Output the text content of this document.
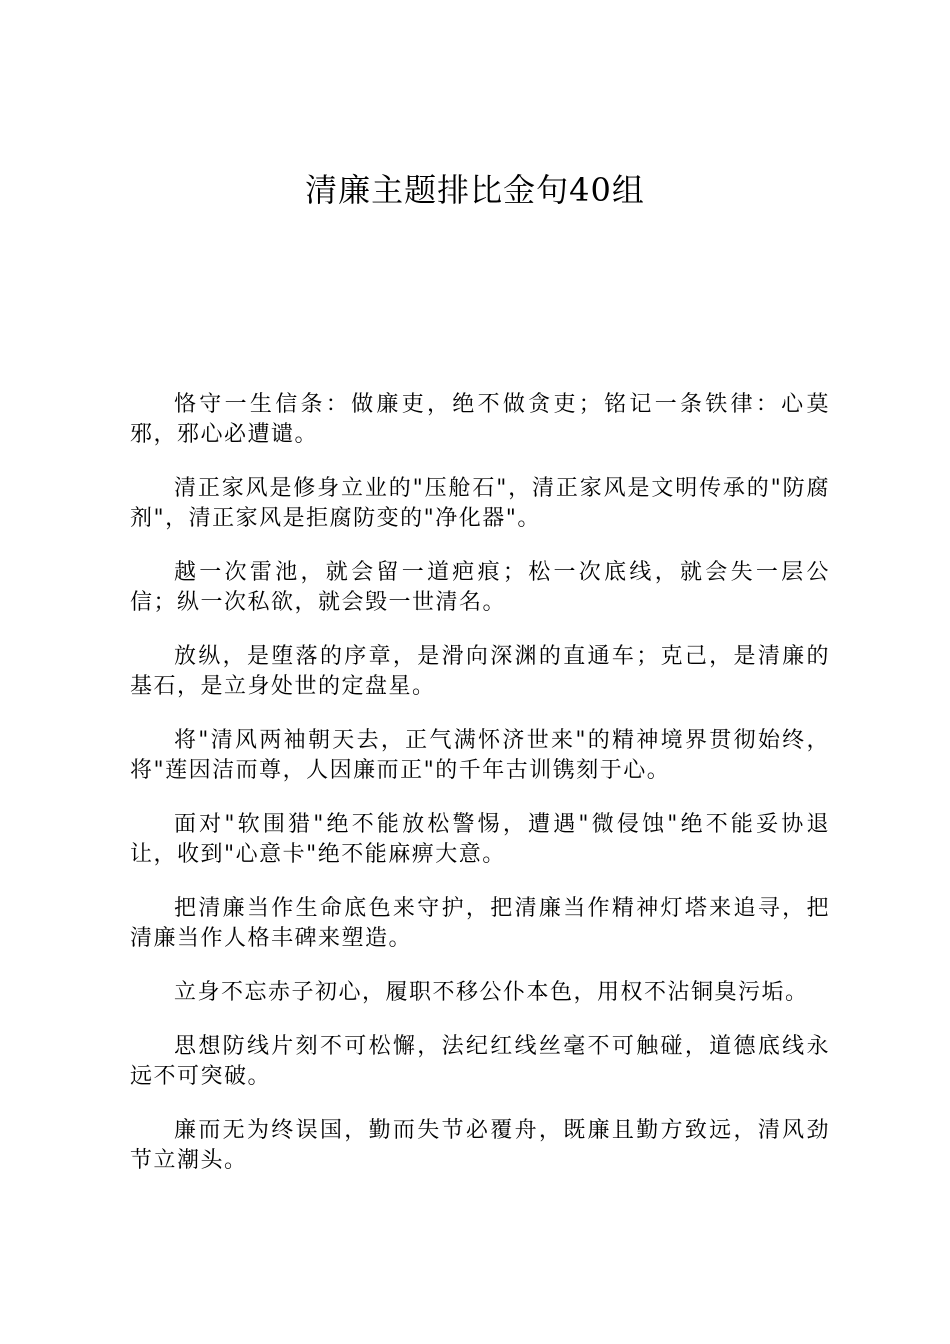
清廉主题排比金句40组

恪守一生信条：做廉吏，绝不做贪吏；铭记一条铁律：心莫邪，邪心必遭谴。

清正家风是修身立业的"压舱石"，清正家风是文明传承的"防腐剂"，清正家风是拒腐防变的"净化器"。

越一次雷池，就会留一道疤痕；松一次底线，就会失一层公信；纵一次私欲，就会毁一世清名。

放纵，是堕落的序章，是滑向深渊的直通车；克己，是清廉的基石，是立身处世的定盘星。

将"清风两袖朝天去，正气满怀济世来"的精神境界贯彻始终，将"莲因洁而尊，人因廉而正"的千年古训镌刻于心。

面对"软围猎"绝不能放松警惕，遭遇"微侵蚀"绝不能妥协退让，收到"心意卡"绝不能麻痹大意。

把清廉当作生命底色来守护，把清廉当作精神灯塔来追寻，把清廉当作人格丰碑来塑造。

立身不忘赤子初心，履职不移公仆本色，用权不沾铜臭污垢。

思想防线片刻不可松懈，法纪红线丝毫不可触碰，道德底线永远不可突破。

廉而无为终误国，勤而失节必覆舟，既廉且勤方致远，清风劲节立潮头。
